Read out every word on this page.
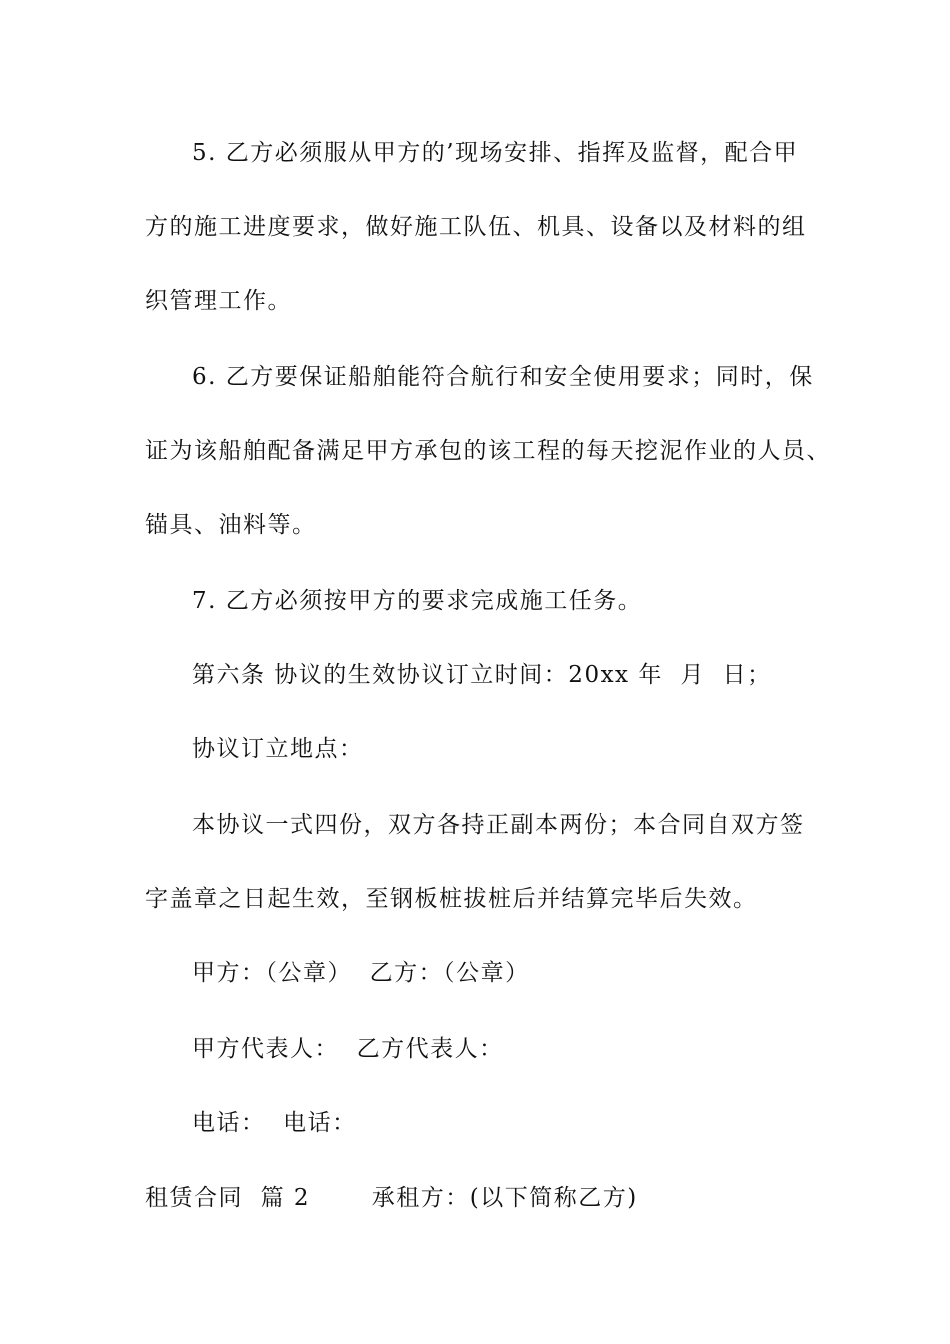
5. 乙方必须服从甲方的’现场安排、指挥及监督，配合甲
方的施工进度要求，做好施工队伍、机具、设备以及材料的组
织管理工作。
6. 乙方要保证船舶能符合航行和安全使用要求；同时，保
证为该船舶配备满足甲方承包的该工程的每天挖泥作业的人员、
锚具、油料等。
7. 乙方必须按甲方的要求完成施工任务。
第六条 协议的生效协议订立时间：20xx 年  月  日；
协议订立地点：
本协议一式四份，双方各持正副本两份；本合同自双方签
字盖章之日起生效，至钢板桩拔桩后并结算完毕后失效。
甲方：（公章）  乙方：（公章）
甲方代表人：  乙方代表人：
电话：  电话：
租赁合同  篇 2       承租方：(以下简称乙方)
